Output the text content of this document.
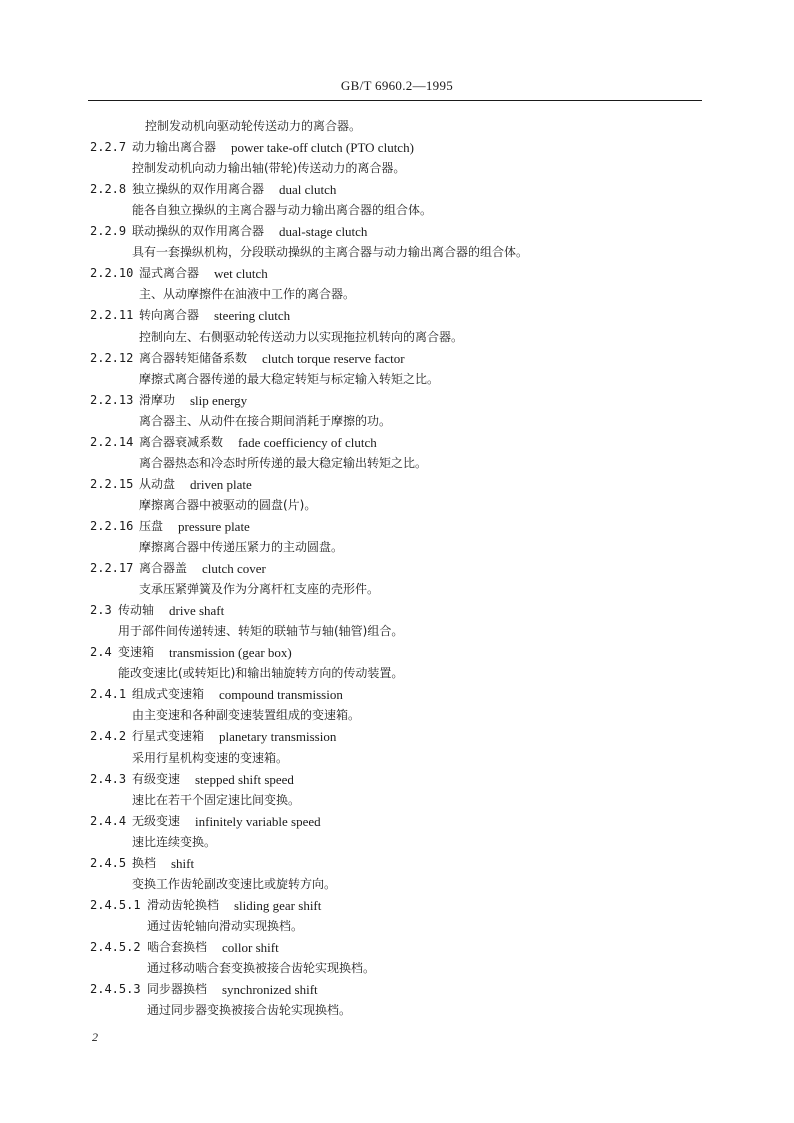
GB/T 6960.2—1995
控制发动机向驱动轮传送动力的离合器。
2.2.7 动力输出离合器 power take-off clutch (PTO clutch)
控制发动机向动力输出轴(带轮)传送动力的离合器。
2.2.8 独立操纵的双作用离合器 dual clutch
能各自独立操纵的主离合器与动力输出离合器的组合体。
2.2.9 联动操纵的双作用离合器 dual-stage clutch
具有一套操纵机构，分段联动操纵的主离合器与动力输出离合器的组合体。
2.2.10 湿式离合器 wet clutch
主、从动摩擦件在油液中工作的离合器。
2.2.11 转向离合器 steering clutch
控制向左、右侧驱动轮传送动力以实现拖拉机转向的离合器。
2.2.12 离合器转矩储备系数 clutch torque reserve factor
摩擦式离合器传递的最大稳定转矩与标定输入转矩之比。
2.2.13 滑摩功 slip energy
离合器主、从动件在接合期间消耗于摩擦的功。
2.2.14 离合器衰减系数 fade coefficiency of clutch
离合器热态和冷态时所传递的最大稳定输出转矩之比。
2.2.15 从动盘 driven plate
摩擦离合器中被驱动的圆盘(片)。
2.2.16 压盘 pressure plate
摩擦离合器中传递压紧力的主动圆盘。
2.2.17 离合器盖 clutch cover
支承压紧弹簧及作为分离杆杠支座的壳形件。
2.3 传动轴 drive shaft
用于部件间传递转速、转矩的联轴节与轴(轴管)组合。
2.4 变速箱 transmission (gear box)
能改变速比(或转矩比)和输出轴旋转方向的传动装置。
2.4.1 组成式变速箱 compound transmission
由主变速和各种副变速装置组成的变速箱。
2.4.2 行星式变速箱 planetary transmission
采用行星机构变速的变速箱。
2.4.3 有级变速 stepped shift speed
速比在若干个固定速比间变换。
2.4.4 无级变速 infinitely variable speed
速比连续变换。
2.4.5 换档 shift
变换工作齿轮副改变速比或旋转方向。
2.4.5.1 滑动齿轮换档 sliding gear shift
通过齿轮轴向滑动实现换档。
2.4.5.2 啮合套换档 collor shift
通过移动啮合套变换被接合齿轮实现换档。
2.4.5.3 同步器换档 synchronized shift
通过同步器变换被接合齿轮实现换档。
2
